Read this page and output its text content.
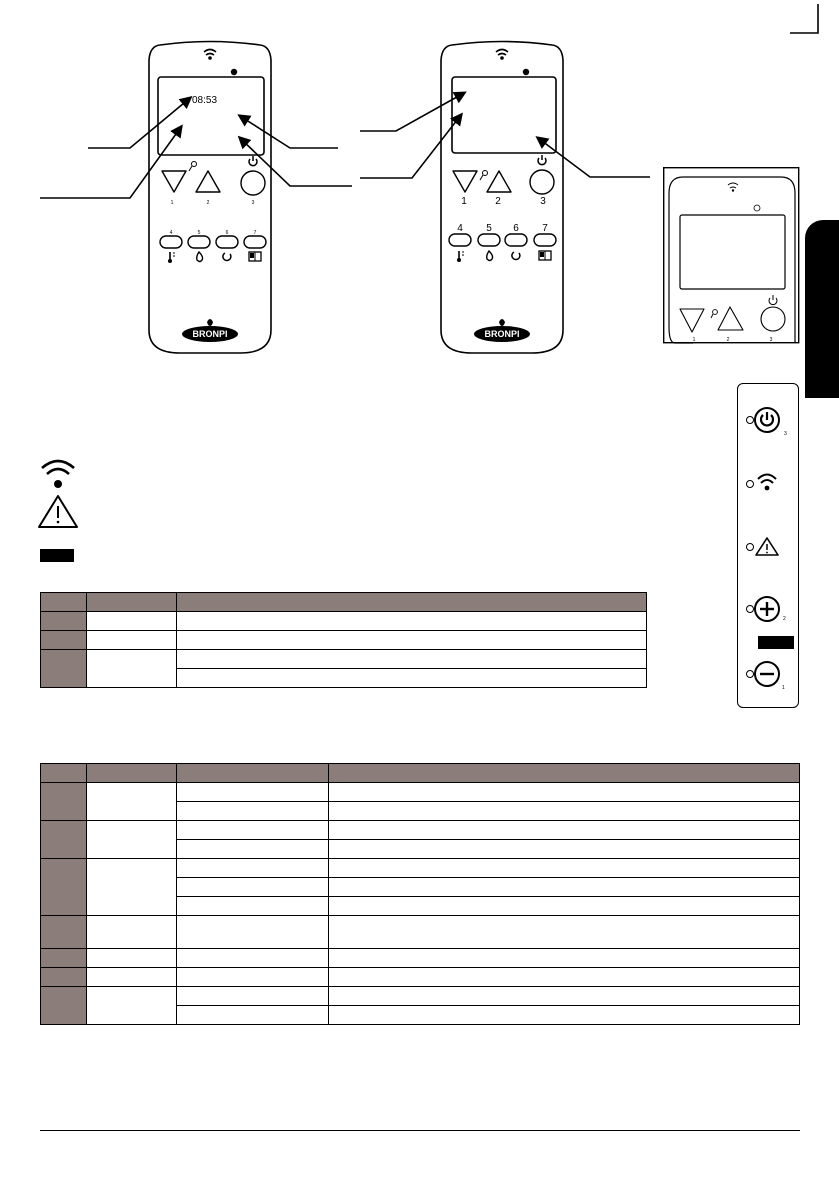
08:53
1	2	3
4	5	6	7
BRONPI
1	2	3
4 5 6 7
BRONPI
1	2	3
3
2
1
